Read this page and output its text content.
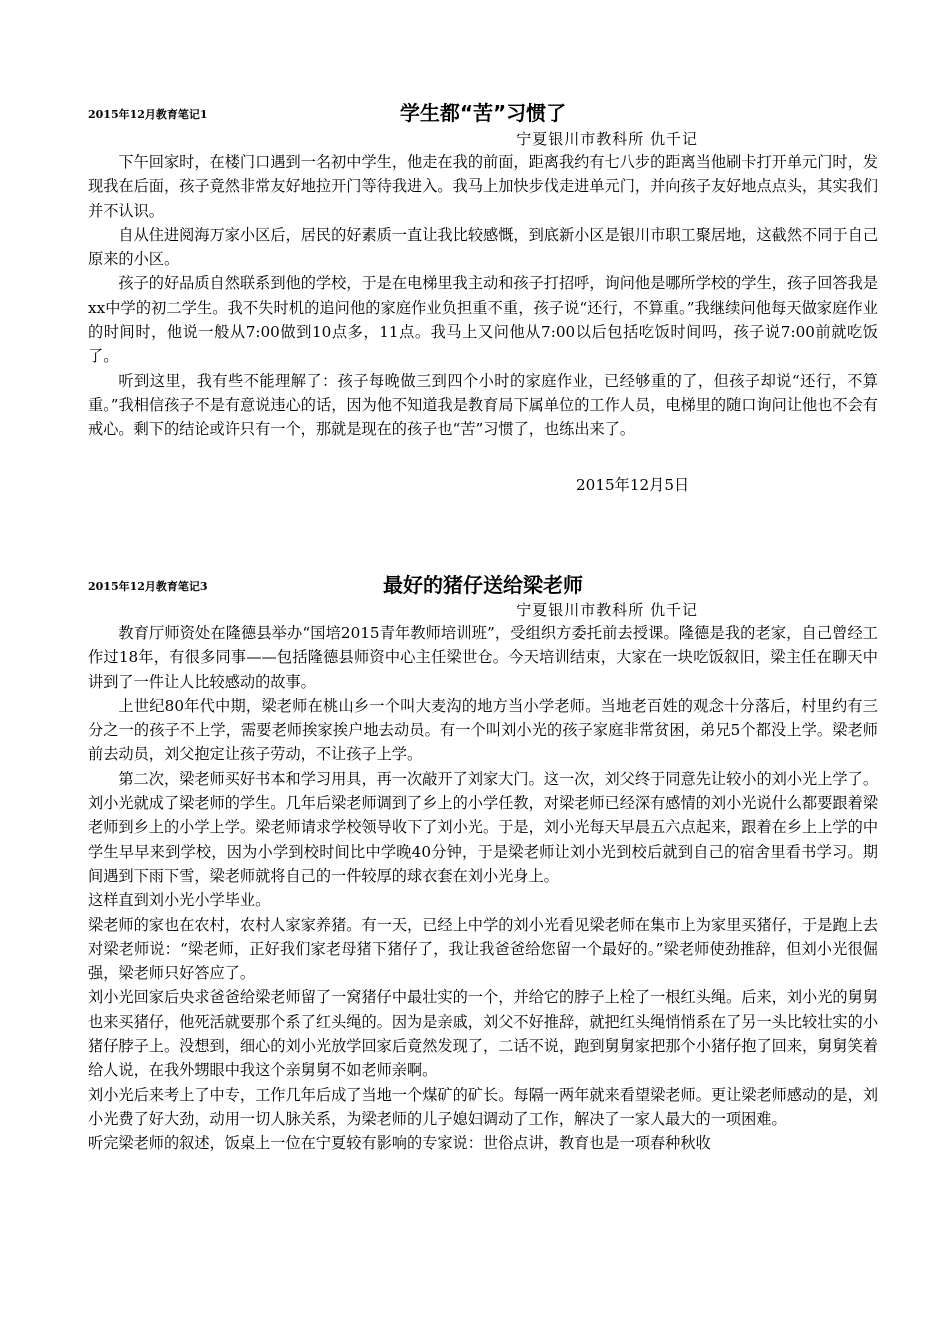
2015年12月教育笔记1	学生都“苦”习惯了
宁夏银川市教科所 仇千记

下午回家时，在楼门口遇到一名初中学生，他走在我的前面，距离我约有七八步的距离当他刷卡打开单元门时，发现我在后面，孩子竟然非常友好地拉开门等待我进入。我马上加快步伐走进单元门，并向孩子友好地点点头，其实我们并不认识。

自从住进阅海万家小区后，居民的好素质一直让我比较感慨，到底新小区是银川市职工聚居地，这截然不同于自己原来的小区。

孩子的好品质自然联系到他的学校，于是在电梯里我主动和孩子打招呼，询问他是哪所学校的学生，孩子回答我是xx中学的初二学生。我不失时机的追问他的家庭作业负担重不重，孩子说“还行，不算重。”我继续问他每天做家庭作业的时间时，他说一般从7:00做到10点多，11点。我马上又问他从7:00以后包括吃饭时间吗，孩子说7:00前就吃饭了。

听到这里，我有些不能理解了：孩子每晚做三到四个小时的家庭作业，已经够重的了，但孩子却说“还行，不算重。”我相信孩子不是有意说违心的话，因为他不知道我是教育局下属单位的工作人员，电梯里的随口询问让他也不会有戒心。剩下的结论或许只有一个，那就是现在的孩子也“苦”习惯了，也练出来了。

2015年12月5日
2015年12月教育笔记3	最好的猪仔送给梁老师
宁夏银川市教科所 仇千记

教育厅师资处在隆德县举办“国培2015青年教师培训班”，受组织方委托前去授课。隆德是我的老家，自己曾经工作过18年，有很多同事——包括隆德县师资中心主任梁世仓。今天培训结束，大家在一块吃饭叙旧，梁主任在聊天中讲到了一件让人比较感动的故事。

上世纪80年代中期，梁老师在桃山乡一个叫大麦沟的地方当小学老师。当地老百姓的观念十分落后，村里约有三分之一的孩子不上学，需要老师挨家挨户地去动员。有一个叫刘小光的孩子家庭非常贫困，弟兄5个都没上学。梁老师前去动员，刘父抱定让孩子劳动，不让孩子上学。

第二次，梁老师买好书本和学习用具，再一次敲开了刘家大门。这一次，刘父终于同意先让较小的刘小光上学了。刘小光就成了梁老师的学生。几年后梁老师调到了乡上的小学任教，对梁老师已经深有感情的刘小光说什么都要跟着梁老师到乡上的小学上学。梁老师请求学校领导收下了刘小光。于是，刘小光每天早晨五六点起来，跟着在乡上上学的中学生早早来到学校，因为小学到校时间比中学晚40分钟，于是梁老师让刘小光到校后就到自己的宿舍里看书学习。期间遇到下雨下雪，梁老师就将自己的一件较厚的球衣套在刘小光身上。

这样直到刘小光小学毕业。

梁老师的家也在农村，农村人家家养猪。有一天，已经上中学的刘小光看见梁老师在集市上为家里买猪仔，于是跑上去对梁老师说：“梁老师，正好我们家老母猪下猪仔了，我让我爸爸给您留一个最好的。”梁老师使劲推辞，但刘小光很倔强，梁老师只好答应了。

刘小光回家后央求爸爸给梁老师留了一窝猪仔中最壮实的一个，并给它的脖子上栓了一根红头绳。后来，刘小光的舅舅也来买猪仔，他死活就要那个系了红头绳的。因为是亲戚，刘父不好推辞，就把红头绳悄悄系在了另一头比较壮实的小猪仔脖子上。没想到，细心的刘小光放学回家后竟然发现了，二话不说，跑到舅舅家把那个小猪仔抱了回来，舅舅笑着给人说，在我外甥眼中我这个亲舅舅不如老师亲啊。

刘小光后来考上了中专，工作几年后成了当地一个煤矿的矿长。每隔一两年就来看望梁老师。更让梁老师感动的是，刘小光费了好大劲，动用一切人脉关系，为梁老师的儿子媳妇调动了工作，解决了一家人最大的一项困难。

听完梁老师的叙述，饭桌上一位在宁夏较有影响的专家说：世俗点讲，教育也是一项春种秋收
